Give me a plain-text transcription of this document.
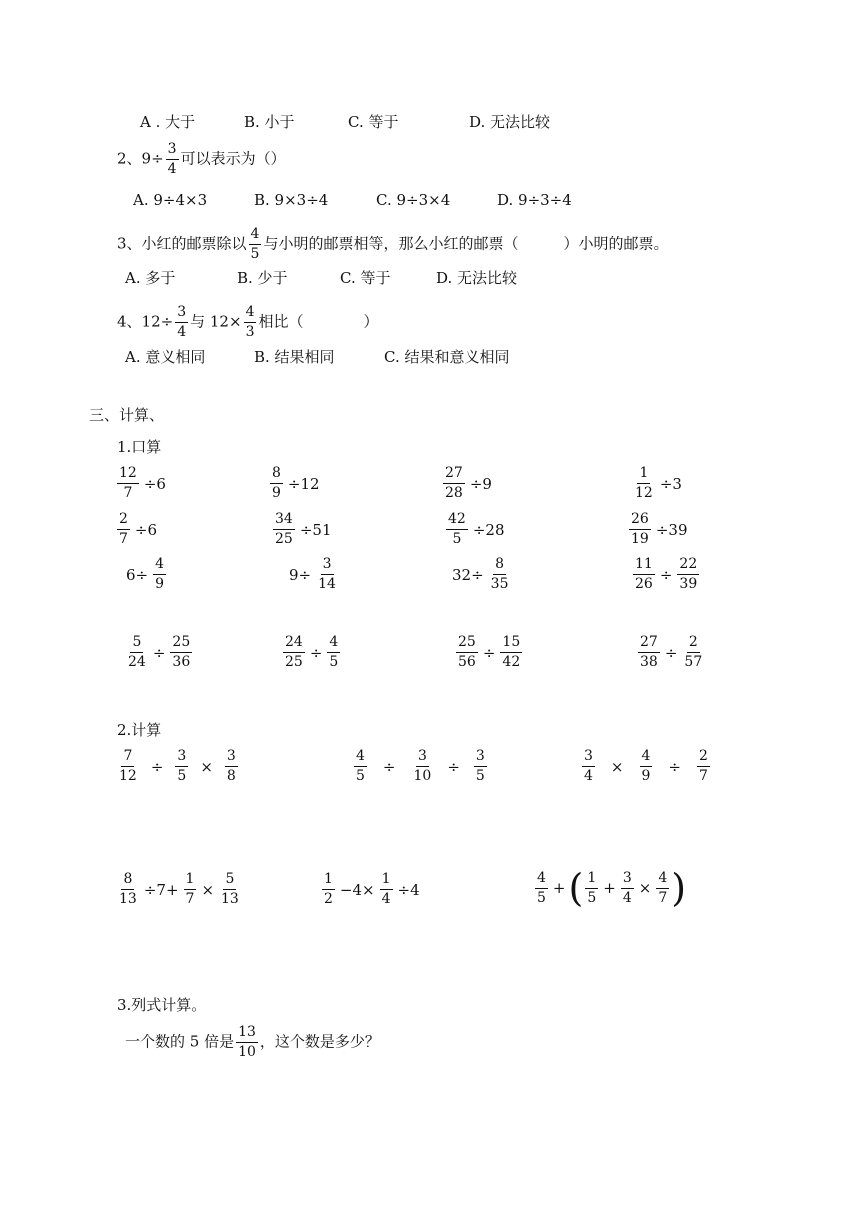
A . 大于	B. 小于	C. 等于	D. 无法比较
2、$9\div \frac{3}{4}$ 可以表示为（）
A. 9÷4×3	B. 9×3÷4	C. 9÷3×4	D. 9÷3÷4
3、小红的邮票除以 $\frac{4}{5}$ 与小明的邮票相等，那么小红的邮票（　　　）小明的邮票。
A. 多于	B. 少于	C. 等于	D. 无法比较
4、$12\div \frac{3}{4}$ 与 $12\times \frac{4}{3}$ 相比（　　　　）
A. 意义相同	B. 结果相同	C. 结果和意义相同
三、计算、
1.口算
$\frac{12}{7} \div 6$	$\frac{8}{9} \div 12$	$\frac{27}{28} \div 9$	$\frac{1}{12} \div 3$
$\frac{2}{7} \div 6$	$\frac{34}{25} \div 51$	$\frac{42}{5} \div 28$	$\frac{26}{19} \div 39$
$6\div \frac{4}{9}$	$9\div \frac{3}{14}$	$32\div \frac{8}{35}$	$\frac{11}{26} \div \frac{22}{39}$
$\frac{5}{24} \div \frac{25}{36}$	$\frac{24}{25} \div \frac{4}{5}$	$\frac{25}{56} \div \frac{15}{42}$	$\frac{27}{38} \div \frac{2}{57}$
2.计算
$\frac{7}{12} \div \frac{3}{5} \times \frac{3}{8}$	$\frac{4}{5} \div \frac{3}{10} \div \frac{3}{5}$	$\frac{3}{4} \times \frac{4}{9} \div \frac{2}{7}$
$\frac{8}{13} \div 7+ \frac{1}{7} \times \frac{5}{13}$	$\frac{1}{2} -4\times \frac{1}{4} \div 4$	$\frac{4}{5}$ +( $\frac{1}{5} + \frac{3}{4} \times \frac{4}{7}$ )
3.列式计算。
一个数的 5 倍是 $\frac{13}{10}$ ，这个数是多少？
